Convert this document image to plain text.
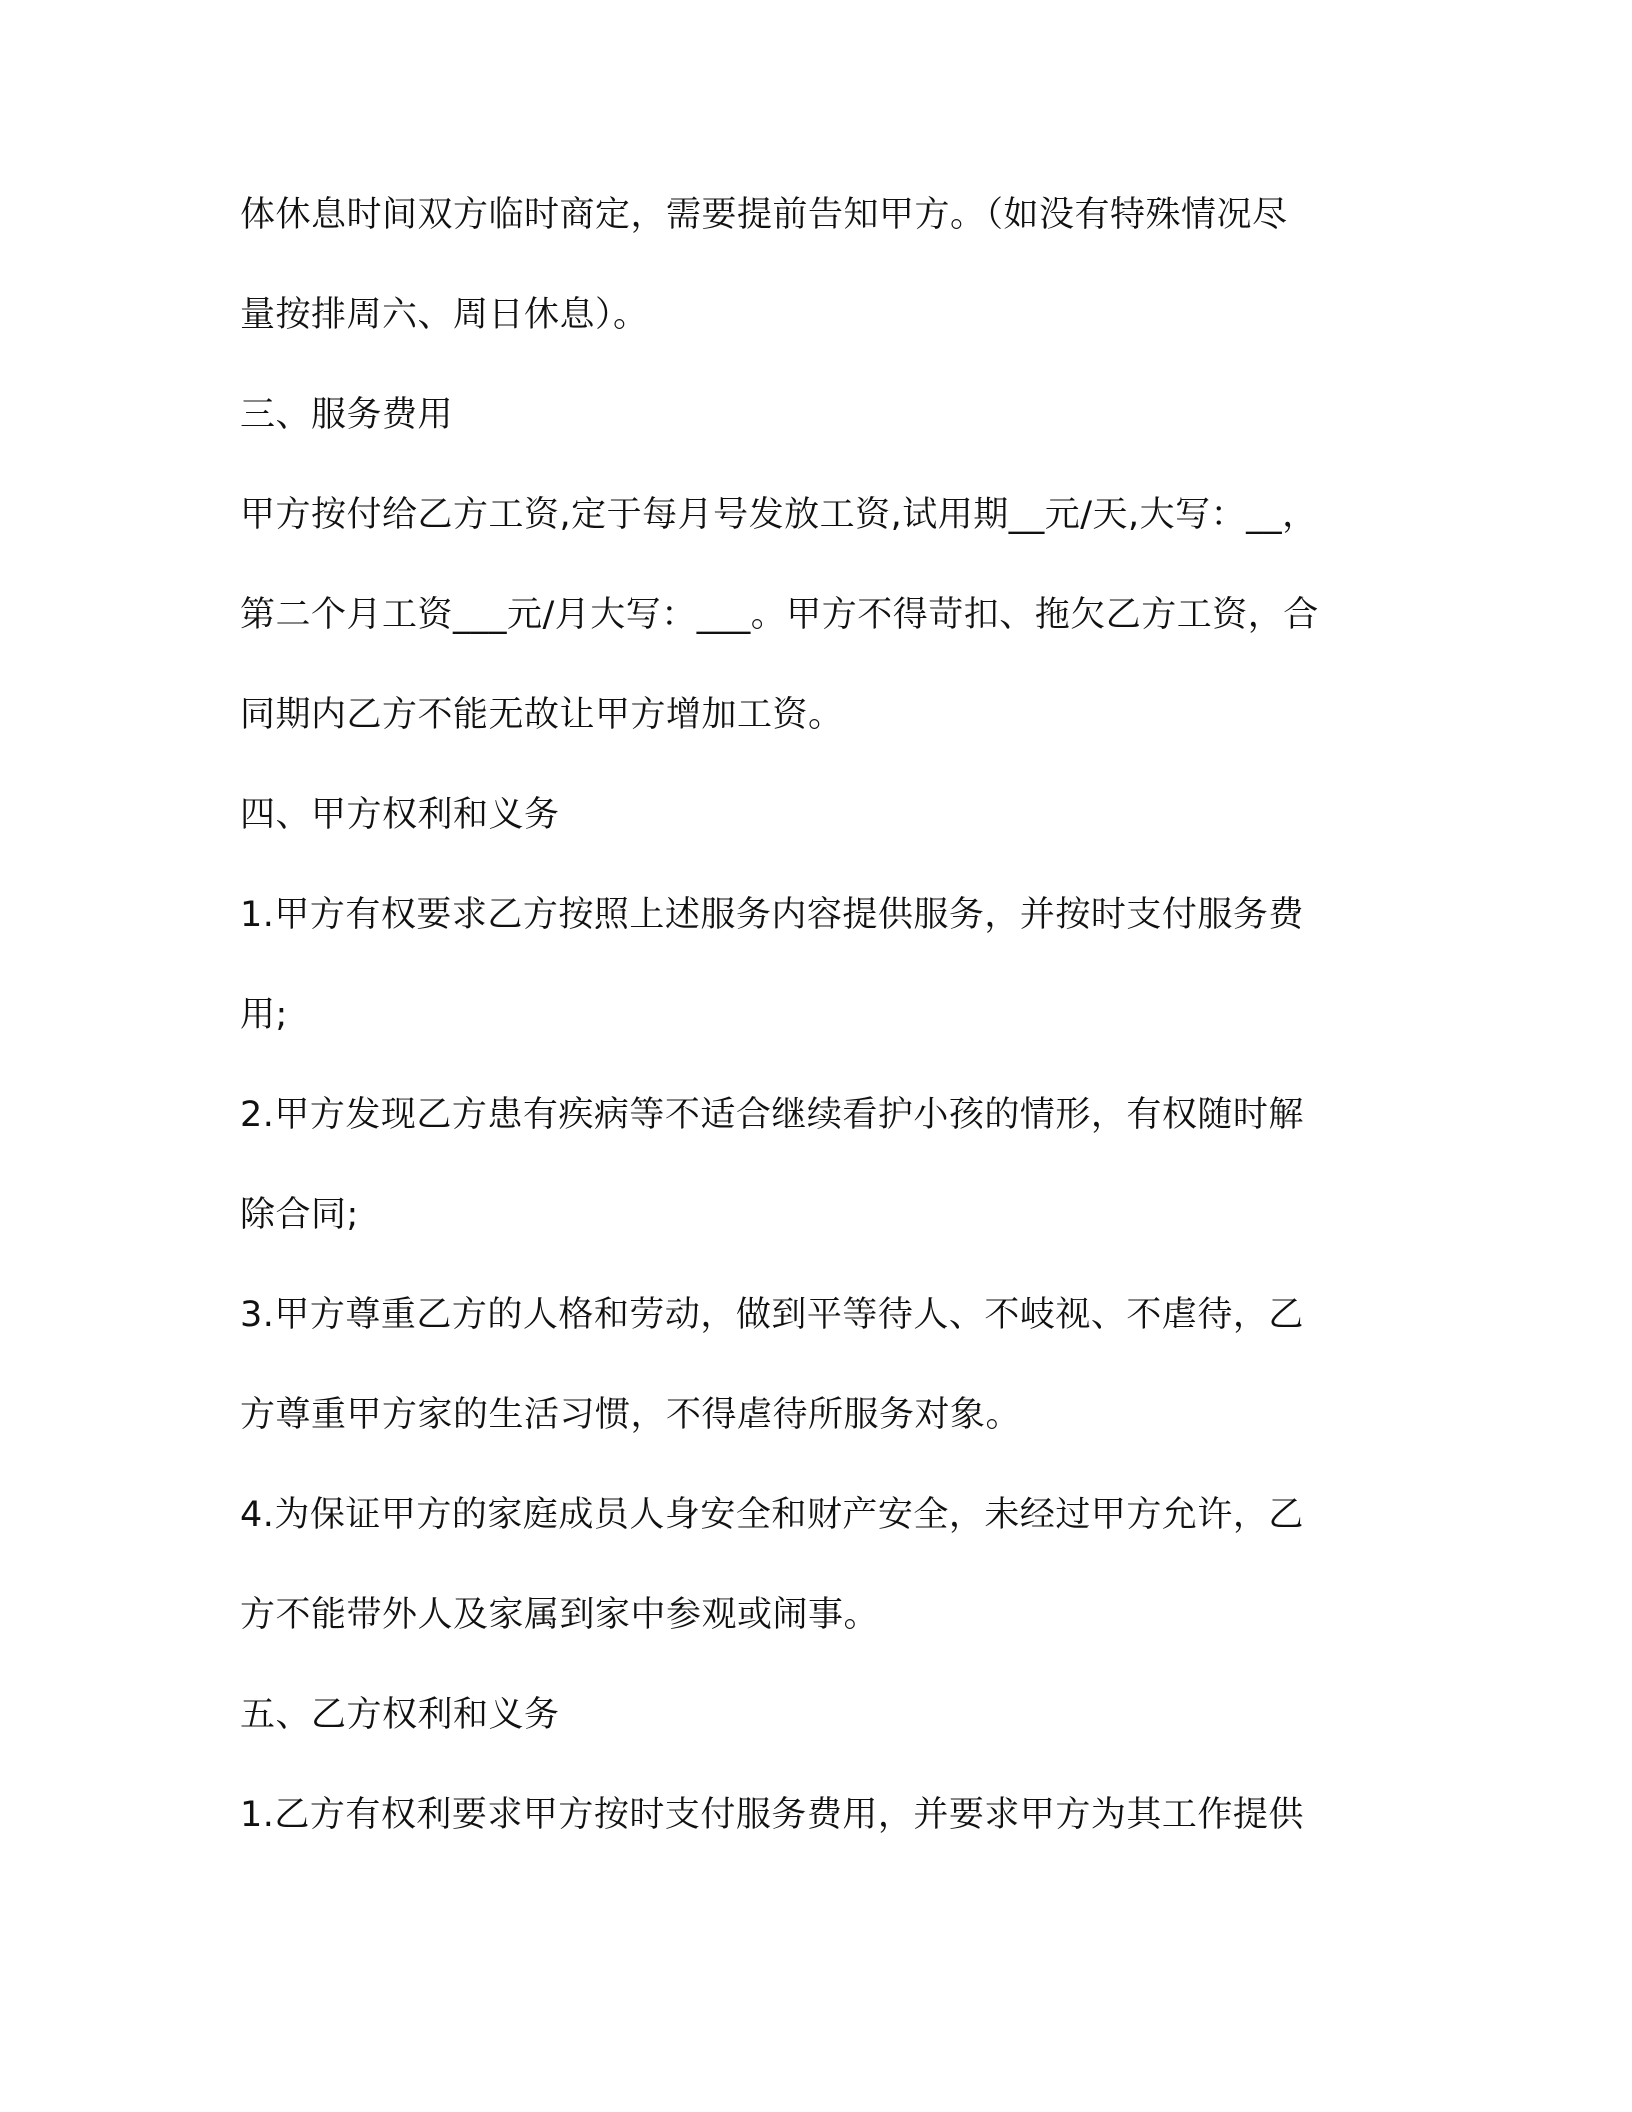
体休息时间双方临时商定，需要提前告知甲方。（如没有特殊情况尽
量按排周六、周日休息）。
三、服务费用
甲方按付给乙方工资,定于每月号发放工资,试用期__元/天,大写：__，
第二个月工资___元/月大写：___。甲方不得苛扣、拖欠乙方工资，合
同期内乙方不能无故让甲方增加工资。
四、甲方权利和义务
1.甲方有权要求乙方按照上述服务内容提供服务，并按时支付服务费
用;
2.甲方发现乙方患有疾病等不适合继续看护小孩的情形，有权随时解
除合同;
3.甲方尊重乙方的人格和劳动，做到平等待人、不岐视、不虐待，乙
方尊重甲方家的生活习惯，不得虐待所服务对象。
4.为保证甲方的家庭成员人身安全和财产安全，未经过甲方允许，乙
方不能带外人及家属到家中参观或闹事。
五、乙方权利和义务
1.乙方有权利要求甲方按时支付服务费用，并要求甲方为其工作提供
